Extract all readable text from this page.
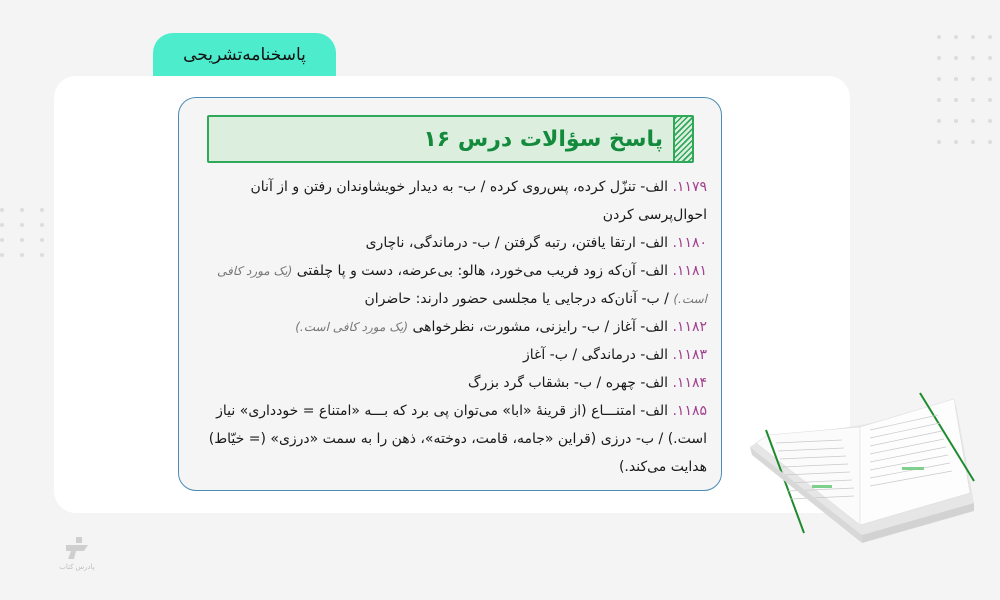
پاسخنامه‌تشریحی
پاسخ سؤالات درس ۱۶

۱۱۷۹. الف- تنزّل کرده، پس‌روی کرده / ب- به دیدار خویشاوندان رفتن و از آنان احوال‌پرسی کردن

۱۱۸۰. الف- ارتقا یافتن، رتبه گرفتن / ب- درماندگی، ناچاری

۱۱۸۱. الف- آن‌که زود فریب می‌خورد، هالو: بی‌عرضه، دست و پا چلفتی (یک مورد کافی است.) / ب- آنان‌که درجایی یا مجلسی حضور دارند: حاضران

۱۱۸۲. الف- آغاز / ب- رایزنی، مشورت، نظرخواهی (یک مورد کافی است.)

۱۱۸۳. الف- درماندگی / ب- آغاز

۱۱۸۴. الف- چهره / ب- بشقاب گرد بزرگ

۱۱۸۵. الف- امتنـــاع (از قرینهٔ «ابا» می‌توان پی برد که بـــه «امتناع = خودداری» نیاز است.) / ب- درزی (قراین «جامه، قامت، دوخته»، ذهن را به سمت «درزی» (= خیّاط) هدایت می‌کند.)

پادرس کتاب
